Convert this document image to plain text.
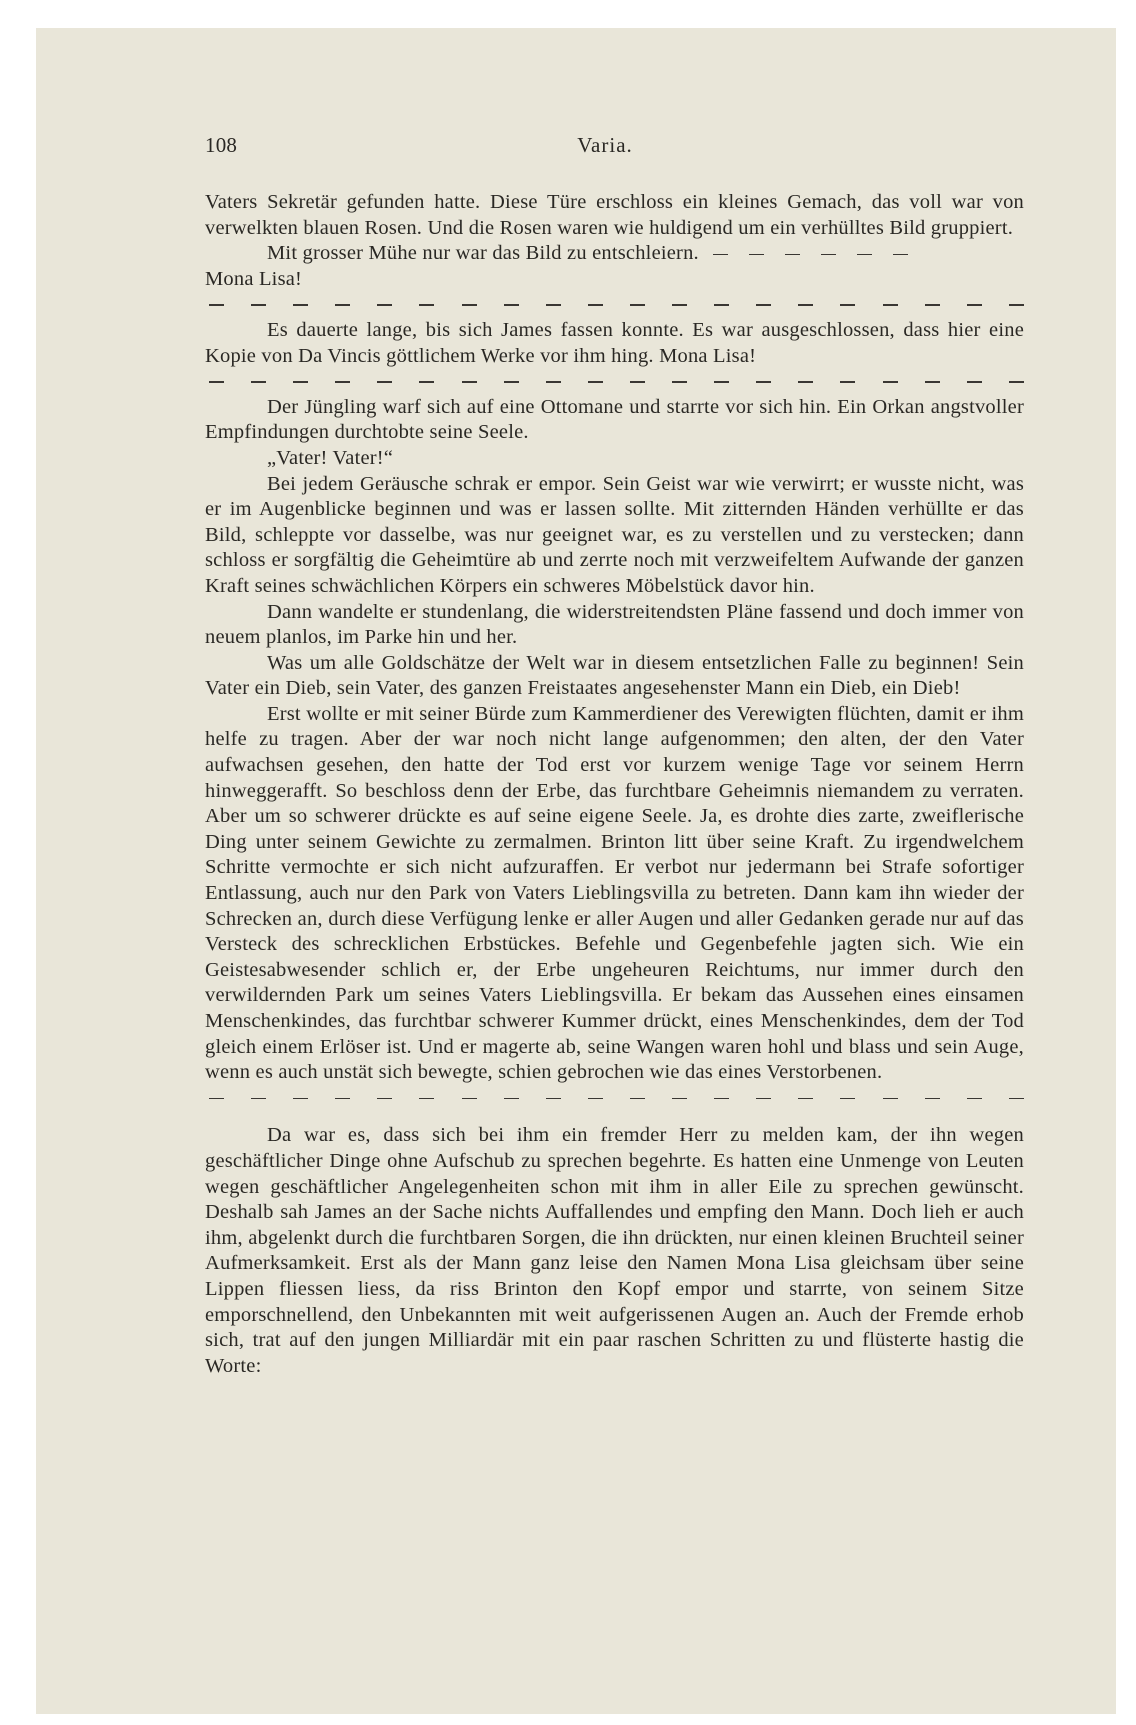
108	Varia.

Vaters Sekretär gefunden hatte. Diese Türe erschloss ein kleines Gemach, das voll war von verwelkten blauen Rosen. Und die Rosen waren wie huldigend um ein verhülltes Bild gruppiert.

Mit grosser Mühe nur war das Bild zu entschleiern.

Mona Lisa!

Es dauerte lange, bis sich James fassen konnte. Es war ausgeschlossen, dass hier eine Kopie von Da Vincis göttlichem Werke vor ihm hing. Mona Lisa!

Der Jüngling warf sich auf eine Ottomane und starrte vor sich hin. Ein Orkan angstvoller Empfindungen durchtobte seine Seele.

„Vater! Vater!“

Bei jedem Geräusche schrak er empor. Sein Geist war wie verwirrt; er wusste nicht, was er im Augenblicke beginnen und was er lassen sollte. Mit zitternden Händen verhüllte er das Bild, schleppte vor dasselbe, was nur geeignet war, es zu verstellen und zu verstecken; dann schloss er sorgfältig die Geheimtüre ab und zerrte noch mit verzweifeltem Aufwande der ganzen Kraft seines schwächlichen Körpers ein schweres Möbelstück davor hin.

Dann wandelte er stundenlang, die widerstreitendsten Pläne fassend und doch immer von neuem planlos, im Parke hin und her.

Was um alle Goldschätze der Welt war in diesem entsetzlichen Falle zu beginnen! Sein Vater ein Dieb, sein Vater, des ganzen Freistaates angesehenster Mann ein Dieb, ein Dieb!

Erst wollte er mit seiner Bürde zum Kammerdiener des Verewigten flüchten, damit er ihm helfe zu tragen. Aber der war noch nicht lange aufgenommen; den alten, der den Vater aufwachsen gesehen, den hatte der Tod erst vor kurzem wenige Tage vor seinem Herrn hinweggerafft. So beschloss denn der Erbe, das furchtbare Geheimnis niemandem zu verraten. Aber um so schwerer drückte es auf seine eigene Seele. Ja, es drohte dies zarte, zweiflerische Ding unter seinem Gewichte zu zermalmen. Brinton litt über seine Kraft. Zu irgendwelchem Schritte vermochte er sich nicht aufzuraffen. Er verbot nur jedermann bei Strafe sofortiger Entlassung, auch nur den Park von Vaters Lieblingsvilla zu betreten. Dann kam ihn wieder der Schrecken an, durch diese Verfügung lenke er aller Augen und aller Gedanken gerade nur auf das Versteck des schrecklichen Erbstückes. Befehle und Gegenbefehle jagten sich. Wie ein Geistesabwesender schlich er, der Erbe ungeheuren Reichtums, nur immer durch den verwildernden Park um seines Vaters Lieblingsvilla. Er bekam das Aussehen eines einsamen Menschenkindes, das furchtbar schwerer Kummer drückt, eines Menschenkindes, dem der Tod gleich einem Erlöser ist. Und er magerte ab, seine Wangen waren hohl und blass und sein Auge, wenn es auch unstät sich bewegte, schien gebrochen wie das eines Verstorbenen.

Da war es, dass sich bei ihm ein fremder Herr zu melden kam, der ihn wegen geschäftlicher Dinge ohne Aufschub zu sprechen begehrte. Es hatten eine Unmenge von Leuten wegen geschäftlicher Angelegenheiten schon mit ihm in aller Eile zu sprechen gewünscht. Deshalb sah James an der Sache nichts Auffallendes und empfing den Mann. Doch lieh er auch ihm, abgelenkt durch die furchtbaren Sorgen, die ihn drückten, nur einen kleinen Bruchteil seiner Aufmerksamkeit. Erst als der Mann ganz leise den Namen Mona Lisa gleichsam über seine Lippen fliessen liess, da riss Brinton den Kopf empor und starrte, von seinem Sitze emporschnellend, den Unbekannten mit weit aufgerissenen Augen an. Auch der Fremde erhob sich, trat auf den jungen Milliardär mit ein paar raschen Schritten zu und flüsterte hastig die Worte:
